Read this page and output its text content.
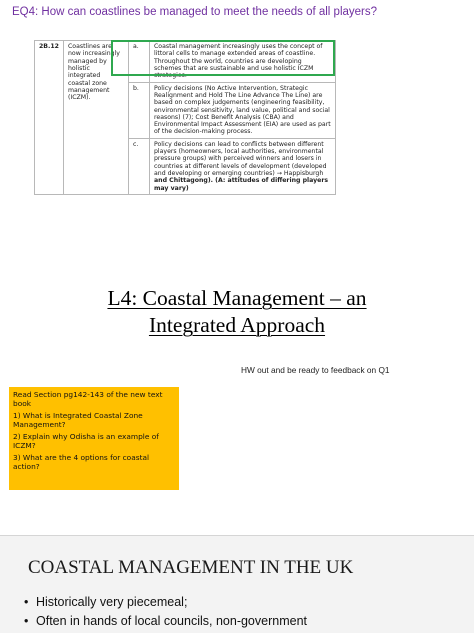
EQ4: How can coastlines be managed to meet the needs of all players?
2B.12	Coastlines are now increasingly managed by holistic integrated coastal zone management (ICZM).	a.	Coastal management increasingly uses the concept of littoral cells to manage extended areas of coastline. Throughout the world, countries are developing schemes that are sustainable and use holistic ICZM strategies.
		b.	Policy decisions (No Active Intervention, Strategic Realignment and Hold The Line Advance The Line) are based on complex judgements (engineering feasibility, environmental sensitivity, land value, political and social reasons) (7); Cost Benefit Analysis (CBA) and Environmental Impact Assessment (EIA) are used as part of the decision-making process.
		c.	Policy decisions can lead to conflicts between different players (homeowners, local authorities, environmental pressure groups) with perceived winners and losers in countries at different levels of development (developed and developing or emerging countries) → Happisburgh and Chittagong). (A: attitudes of differing players may vary)
L4: Coastal Management – an
Integrated Approach
HW out and be ready to feedback on Q1

Read Section pg142-143 of the new text book

1) What is Integrated Coastal Zone Management?

2) Explain why Odisha is an example of ICZM?

3) What are the 4 options for coastal action?

COASTAL MANAGEMENT IN THE UK
• Historically very piecemeal;
• Often in hands of local councils, non-government
